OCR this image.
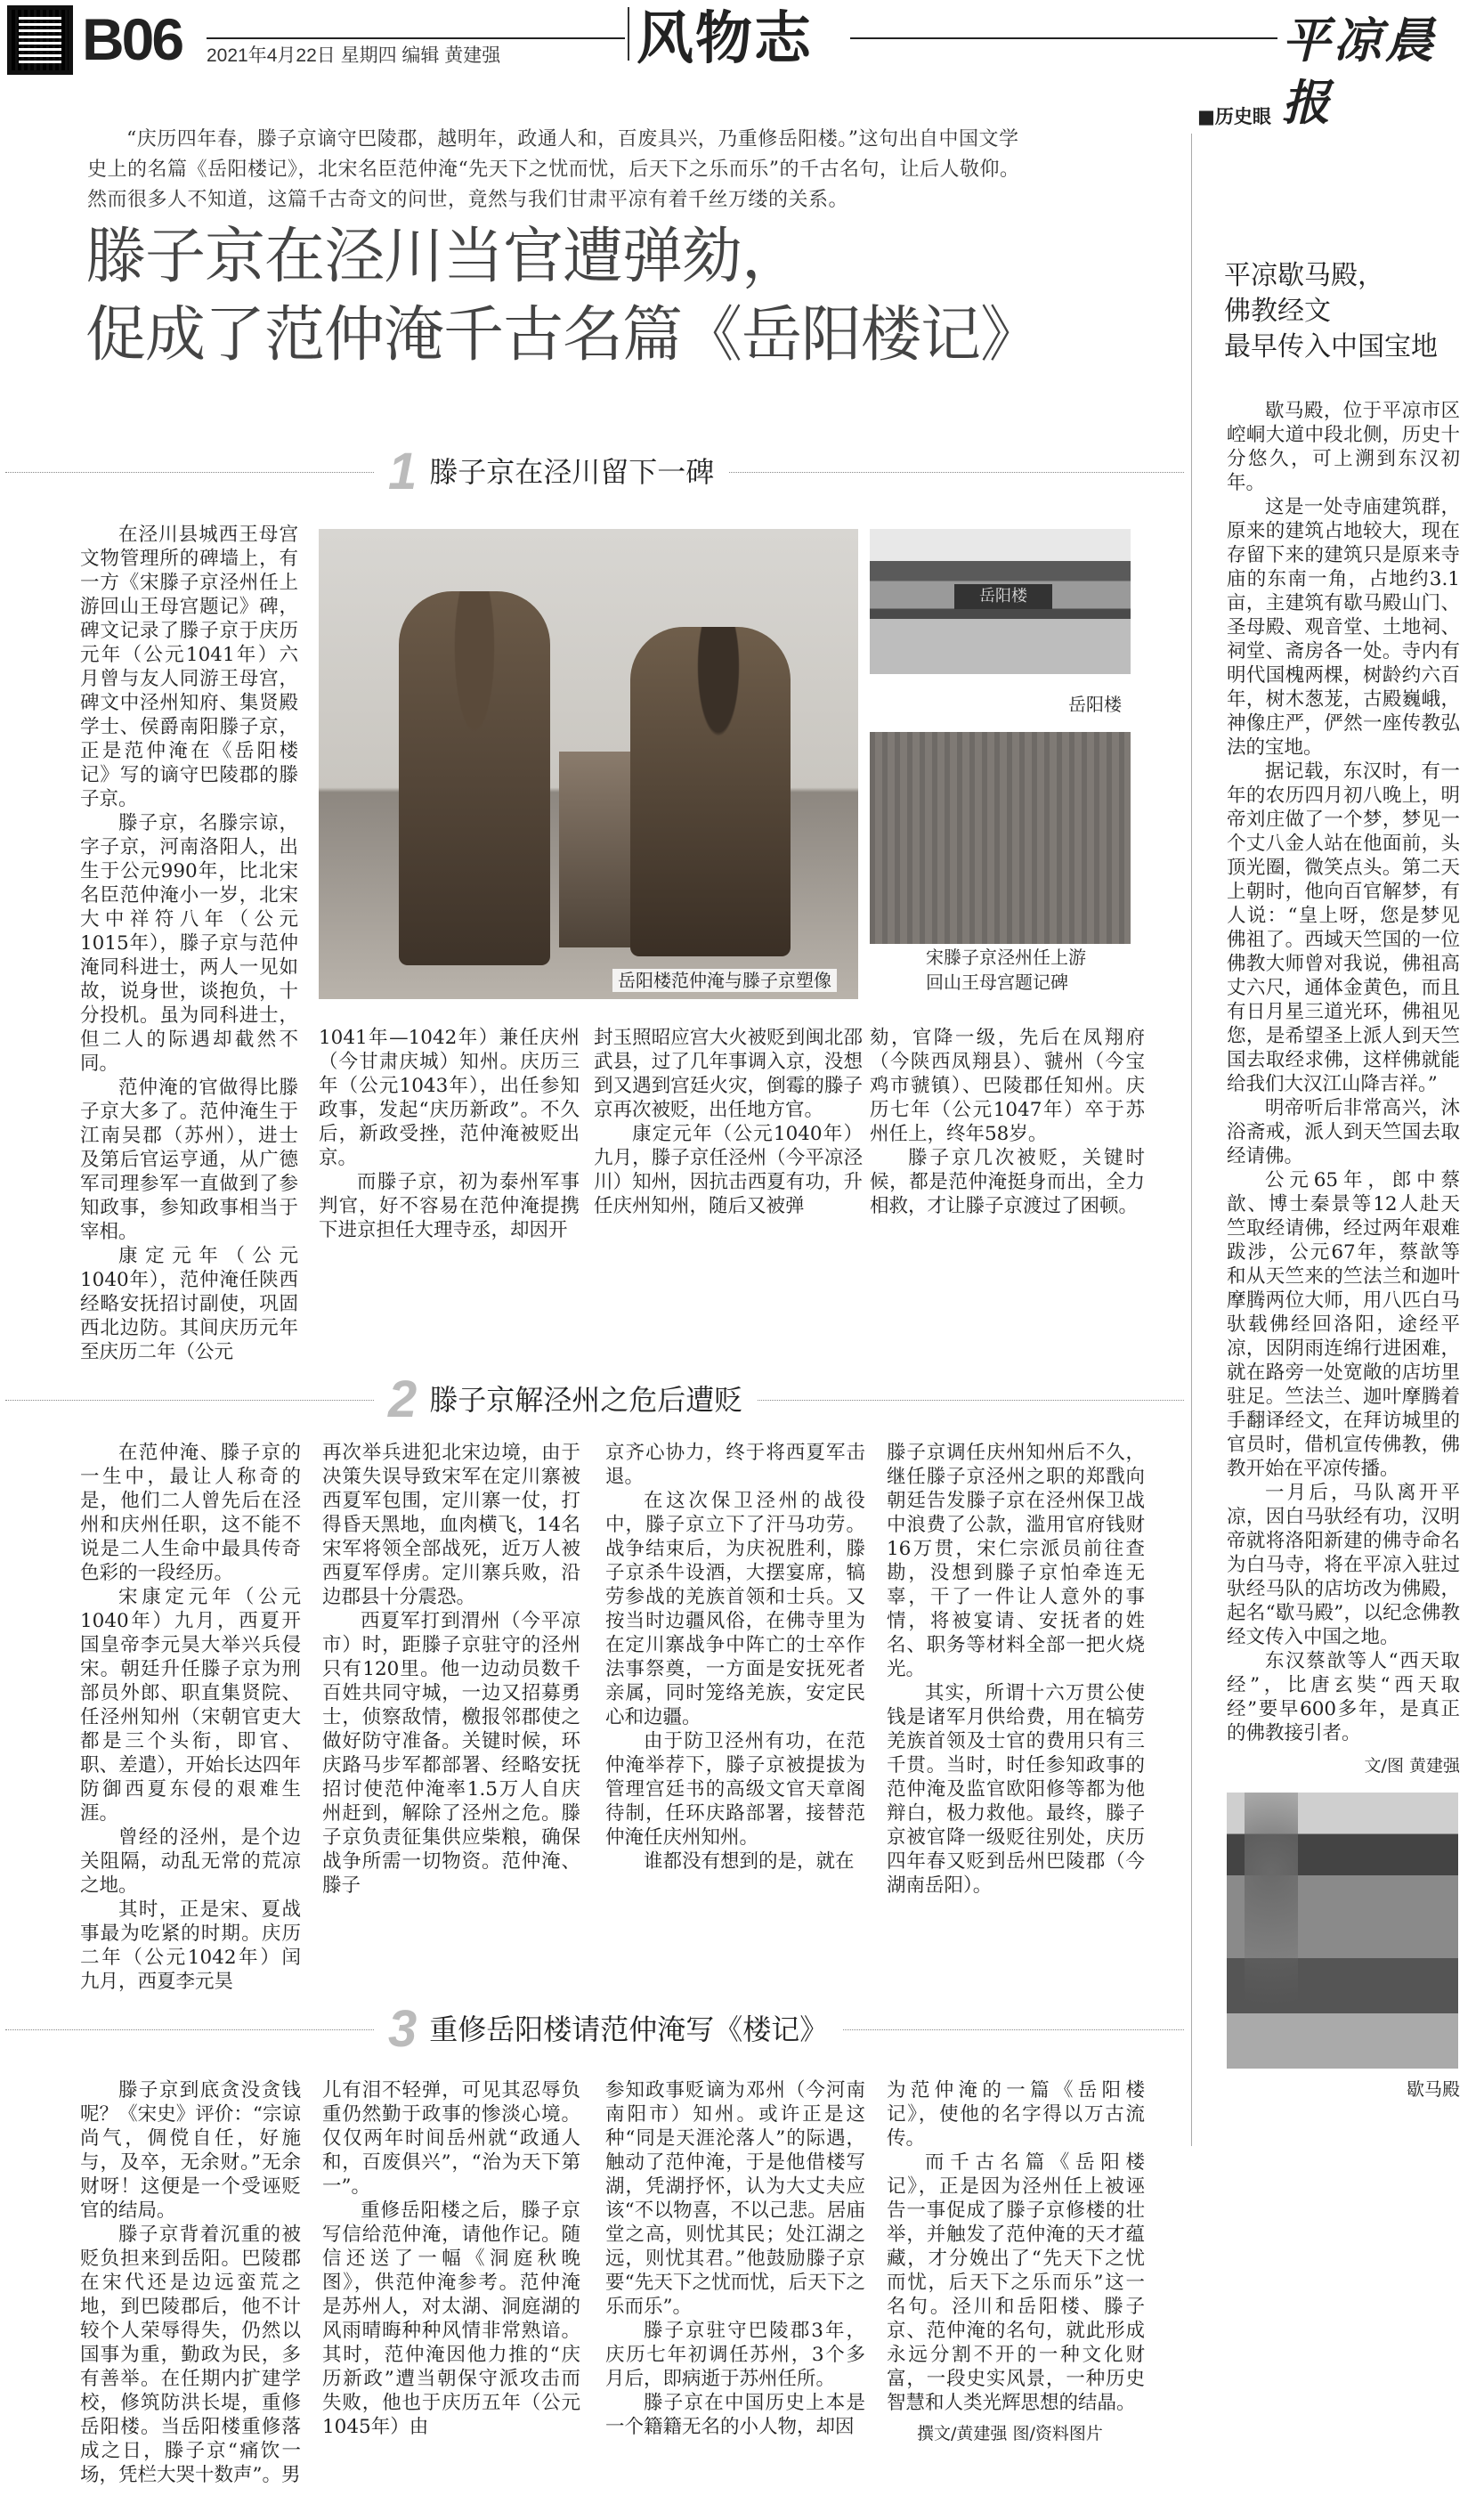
B06 2021年4月22日 星期四 编辑 黄建强 风物志	平凉晨报
“庆历四年春，滕子京谪守巴陵郡，越明年，政通人和，百废具兴，乃重修岳阳楼。”这句出自中国文学史上的名篇《岳阳楼记》，北宋名臣范仲淹“先天下之忧而忧，后天下之乐而乐”的千古名句，让后人敬仰。然而很多人不知道，这篇千古奇文的问世，竟然与我们甘肃平凉有着千丝万缕的关系。
滕子京在泾川当官遭弹劾，
促成了范仲淹千古名篇《岳阳楼记》
1 滕子京在泾川留下一碑

在泾川县城西王母宫文物管理所的碑墙上，有一方《宋滕子京泾州任上游回山王母宫题记》碑，碑文记录了滕子京于庆历元年（公元1041年）六月曾与友人同游王母宫，碑文中泾州知府、集贤殿学士、侯爵南阳滕子京，正是范仲淹在《岳阳楼记》写的谪守巴陵郡的滕子京。

滕子京，名滕宗谅，字子京，河南洛阳人，出生于公元990年，比北宋名臣范仲淹小一岁，北宋大中祥符八年（公元1015年），滕子京与范仲淹同科进士，两人一见如故，说身世，谈抱负，十分投机。虽为同科进士，但二人的际遇却截然不同。

范仲淹的官做得比滕子京大多了。范仲淹生于江南吴郡（苏州），进士及第后官运亨通，从广德军司理参军一直做到了参知政事，参知政事相当于宰相。

康定元年（公元1040年），范仲淹任陕西经略安抚招讨副使，巩固西北边防。其间庆历元年至庆历二年（公元

1041年—1042年）兼任庆州（今甘肃庆城）知州。庆历三年（公元1043年），出任参知政事，发起“庆历新政”。不久后，新政受挫，范仲淹被贬出京。

而滕子京，初为泰州军事判官，好不容易在范仲淹提携下进京担任大理寺丞，却因开

封玉照昭应宫大火被贬到闽北邵武县，过了几年事调入京，没想到又遇到宫廷火灾，倒霉的滕子京再次被贬，出任地方官。

康定元年（公元1040年）九月，滕子京任泾州（今平凉泾川）知州，因抗击西夏有功，升任庆州知州，随后又被弹

劾，官降一级，先后在凤翔府（今陕西凤翔县）、虢州（今宝鸡市虢镇）、巴陵郡任知州。庆历七年（公元1047年）卒于苏州任上，终年58岁。

滕子京几次被贬，关键时候，都是范仲淹挺身而出，全力相救，才让滕子京渡过了困顿。

2 滕子京解泾州之危后遭贬

在范仲淹、滕子京的一生中，最让人称奇的是，他们二人曾先后在泾州和庆州任职，这不能不说是二人生命中最具传奇色彩的一段经历。

宋康定元年（公元1040年）九月，西夏开国皇帝李元昊大举兴兵侵宋。朝廷升任滕子京为刑部员外郎、职直集贤院、任泾州知州（宋朝官吏大都是三个头衔，即官、职、差遣），开始长达四年防御西夏东侵的艰难生涯。

曾经的泾州，是个边关阻隔，动乱无常的荒凉之地。

其时，正是宋、夏战事最为吃紧的时期。庆历二年（公元1042年）闰九月，西夏李元昊

再次举兵进犯北宋边境，由于决策失误导致宋军在定川寨被西夏军包围，定川寨一仗，打得昏天黑地，血肉横飞，14名宋军将领全部战死，近万人被西夏军俘虏。定川寨兵败，沿边郡县十分震恐。

西夏军打到渭州（今平凉市）时，距滕子京驻守的泾州只有120里。他一边动员数千百姓共同守城，一边又招募勇士，侦察敌情，檄报邻郡使之做好防守准备。关键时候，环庆路马步军都部署、经略安抚招讨使范仲淹率1.5万人自庆州赶到，解除了泾州之危。滕子京负责征集供应柴粮，确保战争所需一切物资。范仲淹、滕子

京齐心协力，终于将西夏军击退。

在这次保卫泾州的战役中，滕子京立下了汗马功劳。战争结束后，为庆祝胜利，滕子京杀牛设酒，大摆宴席，犒劳参战的羌族首领和士兵。又按当时边疆风俗，在佛寺里为在定川寨战争中阵亡的士卒作法事祭奠，一方面是安抚死者亲属，同时笼络羌族，安定民心和边疆。

由于防卫泾州有功，在范仲淹举荐下，滕子京被提拔为管理宫廷书的高级文官天章阁待制，任环庆路部署，接替范仲淹任庆州知州。

谁都没有想到的是，就在

滕子京调任庆州知州后不久，继任滕子京泾州之职的郑戬向朝廷告发滕子京在泾州保卫战中浪费了公款，滥用官府钱财16万贯，宋仁宗派员前往查勘，没想到滕子京怕牵连无辜，干了一件让人意外的事情，将被宴请、安抚者的姓名、职务等材料全部一把火烧光。

其实，所谓十六万贯公使钱是诸军月供给费，用在犒劳羌族首领及士官的费用只有三千贯。当时，时任参知政事的范仲淹及监官欧阳修等都为他辩白，极力救他。最终，滕子京被官降一级贬往别处，庆历四年春又贬到岳州巴陵郡（今湖南岳阳）。

3 重修岳阳楼请范仲淹写《楼记》

滕子京到底贪没贪钱呢？《宋史》评价：“宗谅尚气，倜傥自任，好施与，及卒，无余财。”无余财呀！这便是一个受诬贬官的结局。

滕子京背着沉重的被贬负担来到岳阳。巴陵郡在宋代还是边远蛮荒之地，到巴陵郡后，他不计较个人荣辱得失，仍然以国事为重，勤政为民，多有善举。在任期内扩建学校，修筑防洪长堤，重修岳阳楼。当岳阳楼重修落成之日，滕子京“痛饮一场，凭栏大哭十数声”。男

儿有泪不轻弹，可见其忍辱负重仍然勤于政事的惨淡心境。仅仅两年时间岳州就“政通人和，百废俱兴”，“治为天下第一”。

重修岳阳楼之后，滕子京写信给范仲淹，请他作记。随信还送了一幅《洞庭秋晚图》，供范仲淹参考。范仲淹是苏州人，对太湖、洞庭湖的风雨晴晦种种风情非常熟谙。其时，范仲淹因他力推的“庆历新政”遭当朝保守派攻击而失败，他也于庆历五年（公元1045年）由

参知政事贬谪为邓州（今河南南阳市）知州。或许正是这种“同是天涯沦落人”的际遇，触动了范仲淹，于是他借楼写湖，凭湖抒怀，认为大丈夫应该“不以物喜，不以己悲。居庙堂之高，则忧其民；处江湖之远，则忧其君。”他鼓励滕子京要“先天下之忧而忧，后天下之乐而乐”。

滕子京驻守巴陵郡3年，庆历七年初调任苏州，3个多月后，即病逝于苏州任所。

滕子京在中国历史上本是一个籍籍无名的小人物，却因

为范仲淹的一篇《岳阳楼记》，使他的名字得以万古流传。

而千古名篇《岳阳楼记》，正是因为泾州任上被诬告一事促成了滕子京修楼的壮举，并触发了范仲淹的天才蕴藏，才分娩出了“先天下之忧而忧，后天下之乐而乐”这一名句。泾川和岳阳楼、滕子京、范仲淹的名句，就此形成永远分割不开的一种文化财富，一段史实风景，一种历史智慧和人类光辉思想的结晶。

岳阳楼范仲淹与滕子京塑像
岳阳楼
岳阳楼
宋滕子京泾州任上游
回山王母宫题记碑
撰文/黄建强 图/资料图片
■历史眼
平凉歇马殿，
佛教经文
最早传入中国宝地

歇马殿，位于平凉市区崆峒大道中段北侧，历史十分悠久，可上溯到东汉初年。

这是一处寺庙建筑群，原来的建筑占地较大，现在存留下来的建筑只是原来寺庙的东南一角，占地约3.1亩，主建筑有歇马殿山门、圣母殿、观音堂、土地祠、祠堂、斋房各一处。寺内有明代国槐两棵，树龄约六百年，树木葱茏，古殿巍峨，神像庄严，俨然一座传教弘法的宝地。

据记载，东汉时，有一年的农历四月初八晚上，明帝刘庄做了一个梦，梦见一个丈八金人站在他面前，头顶光圈，微笑点头。第二天上朝时，他向百官解梦，有人说：“皇上呀，您是梦见佛祖了。西域天竺国的一位佛教大师曾对我说，佛祖高丈六尺，通体金黄色，而且有日月星三道光环，佛祖见您，是希望圣上派人到天竺国去取经求佛，这样佛就能给我们大汉江山降吉祥。”

明帝听后非常高兴，沐浴斋戒，派人到天竺国去取经请佛。

公元65年，郎中蔡歆、博士秦景等12人赴天竺取经请佛，经过两年艰难跋涉，公元67年，蔡歆等和从天竺来的竺法兰和迦叶摩腾两位大师，用八匹白马驮载佛经回洛阳，途经平凉，因阴雨连绵行进困难，就在路旁一处宽敞的店坊里驻足。竺法兰、迦叶摩腾着手翻译经文，在拜访城里的官员时，借机宣传佛教，佛教开始在平凉传播。

一月后，马队离开平凉，因白马驮经有功，汉明帝就将洛阳新建的佛寺命名为白马寺，将在平凉入驻过驮经马队的店坊改为佛殿，起名“歇马殿”，以纪念佛教经文传入中国之地。

东汉蔡歆等人“西天取经”，比唐玄奘“西天取经”要早600多年，是真正的佛教接引者。

文/图 黄建强
歇马殿
